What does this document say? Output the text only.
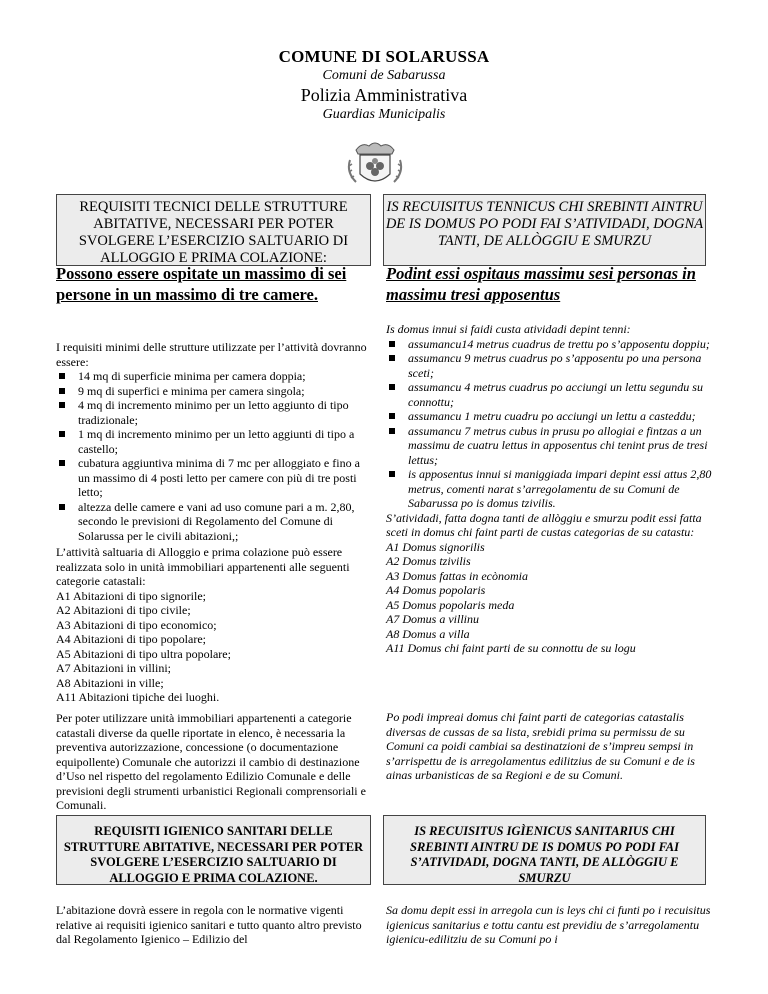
COMUNE DI SOLARUSSA
Comuni de Sabarussa
Polizia Amministrativa
Guardias Municipalis
REQUISITI TECNICI DELLE STRUTTURE ABITATIVE, NECESSARI PER POTER SVOLGERE L’ESERCIZIO SALTUARIO DI ALLOGGIO E PRIMA COLAZIONE:
IS RECUISITUS TENNICUS CHI SREBINTI AINTRU DE IS DOMUS PO PODI FAI S’ATIVIDADI, DOGNA TANTI, DE ALLÒGGIU E SMURZU
Possono essere ospitate un massimo di sei persone in un massimo di tre camere.
Podint essi ospitaus massimu sesi personas in massimu tresi apposentus

I requisiti minimi delle strutture utilizzate per l’attività dovranno essere:

14 mq di superficie minima per camera doppia;
9 mq di superfici e minima per camera singola;
4 mq di incremento minimo per un letto aggiunto di tipo tradizionale;
1 mq di incremento minimo per un letto aggiunti di tipo a castello;
cubatura aggiuntiva minima di 7 mc per alloggiato e fino a un massimo di 4 posti letto per camere con più di tre posti letto;
altezza delle camere e vani ad uso comune pari a m. 2,80, secondo le previsioni di Regolamento del Comune di Solarussa per le civili abitazioni,;

L’attività saltuaria di Alloggio e prima colazione può essere realizzata solo in unità immobiliari appartenenti alle seguenti categorie catastali:

A1 Abitazioni di tipo signorile;
A2 Abitazioni di tipo civile;
A3 Abitazioni di tipo economico;
A4 Abitazioni di tipo popolare;
A5 Abitazioni di tipo ultra popolare;
A7 Abitazioni in villini;
A8 Abitazioni in ville;
A11 Abitazioni tipiche dei luoghi.
Per poter utilizzare unità immobiliari appartenenti a categorie catastali diverse da quelle riportate in elenco, è necessaria la preventiva autorizzazione, concessione (o documentazione equipollente) Comunale che autorizzi il cambio di destinazione d’Uso nel rispetto del regolamento Edilizio Comunale e delle previsioni degli strumenti urbanistici Regionali comprensoriali e Comunali.

Is domus innui si faidi custa atividadi depint tenni:

assumancu14 metrus cuadrus de trettu po s’apposentu doppiu;
assumancu 9 metrus cuadrus po s’apposentu po una persona sceti;
assumancu 4 metrus cuadrus po acciungi un lettu segundu su connottu;
assumancu 1 metru cuadru po acciungi un lettu a casteddu;
assumancu 7 metrus cubus in prusu po allogiai e fintzas a un massimu de cuatru lettus in apposentus chi tenint prus de tresi lettus;
is apposentus innui si maniggiada impari depint essi attus 2,80 metrus, comenti narat s’arregolamentu de su Comuni de Sabarussa po is domus tzivilis.

S’atividadi, fatta dogna tanti de allòggiu e smurzu podit essi fatta sceti in domus chi faint parti de custas categorias de su catastu:

A1 Domus signorilis
A2 Domus tzivilis
A3 Domus fattas in ecònomia
A4 Domus popolaris
A5 Domus popolaris meda
A7 Domus a villinu
A8 Domus a villa
A11 Domus chi faint parti de su connottu de su logu
Po podi impreai domus chi faint parti de categorias catastalis diversas de cussas de sa lista, srebidi prima su permissu de su Comuni ca poidi cambiai sa destinatzioni de s’impreu sempsi in s’arrispettu de is arregolamentus edilitzius de su Comuni e de is ainas urbanisticas de sa Regioni e de su Comuni.
REQUISITI IGIENICO SANITARI DELLE STRUTTURE ABITATIVE, NECESSARI PER POTER SVOLGERE L’ESERCIZIO SALTUARIO DI ALLOGGIO E PRIMA COLAZIONE.
IS RECUISITUS IGÌENICUS SANITARIUS CHI SREBINTI AINTRU DE IS DOMUS PO PODI FAI S’ATIVIDADI, DOGNA TANTI, DE ALLÒGGIU E SMURZU
L’abitazione dovrà essere in regola con le normative vigenti relative ai requisiti igienico sanitari e tutto quanto altro previsto dal Regolamento Igienico – Edilizio del
Sa domu depit essi in arregola cun is leys chi ci funti po i recuisitus igienicus sanitarius e tottu cantu est previdiu de s’arregolamentu igienicu-edilitziu de su Comuni po i
